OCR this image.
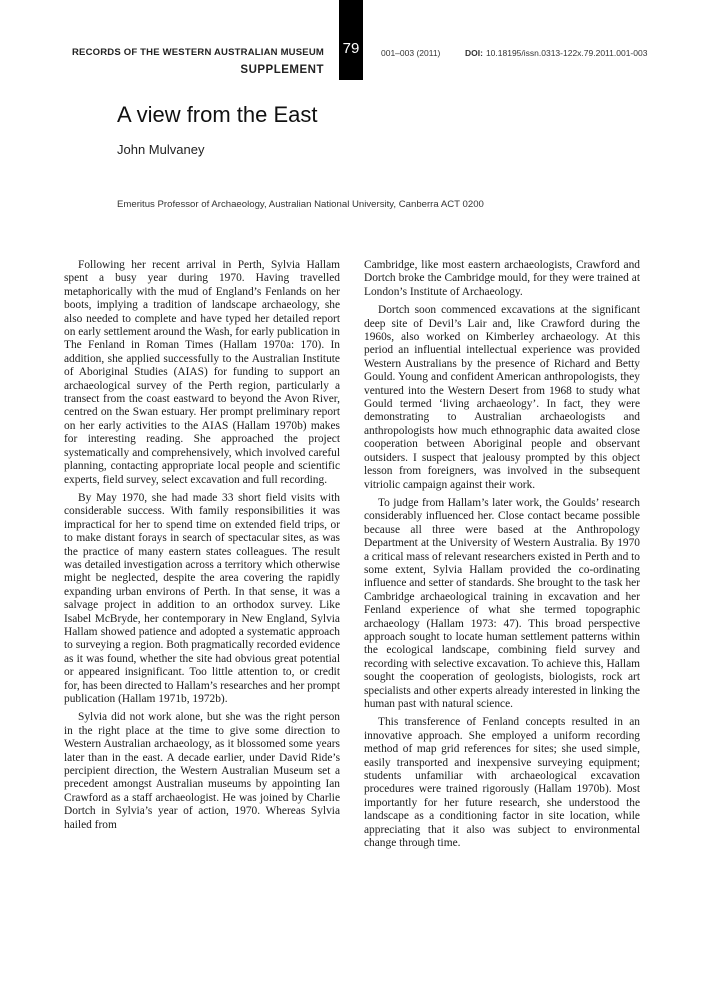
RECORDS OF THE WESTERN AUSTRALIAN MUSEUM
SUPPLEMENT
79	001–003 (2011)	DOI: 10.18195/issn.0313-122x.79.2011.001-003
A view from the East
John Mulvaney
Emeritus Professor of Archaeology, Australian National University, Canberra ACT 0200

Following her recent arrival in Perth, Sylvia Hallam spent a busy year during 1970. Having travelled metaphorically with the mud of England’s Fenlands on her boots, implying a tradition of landscape archaeology, she also needed to complete and have typed her detailed report on early settlement around the Wash, for early publication in The Fenland in Roman Times (Hallam 1970a: 170). In addition, she applied successfully to the Australian Institute of Aboriginal Studies (AIAS) for funding to support an archaeological survey of the Perth region, particularly a transect from the coast eastward to beyond the Avon River, centred on the Swan estuary. Her prompt preliminary report on her early activities to the AIAS (Hallam 1970b) makes for interesting reading. She approached the project systematically and comprehensively, which involved careful planning, contacting appropriate local people and scientific experts, field survey, select excavation and full recording.

By May 1970, she had made 33 short field visits with considerable success. With family responsibilities it was impractical for her to spend time on extended field trips, or to make distant forays in search of spectacular sites, as was the practice of many eastern states colleagues. The result was detailed investigation across a territory which otherwise might be neglected, despite the area covering the rapidly expanding urban environs of Perth. In that sense, it was a salvage project in addition to an orthodox survey. Like Isabel McBryde, her contemporary in New England, Sylvia Hallam showed patience and adopted a systematic approach to surveying a region. Both pragmatically recorded evidence as it was found, whether the site had obvious great potential or appeared insignificant. Too little attention to, or credit for, has been directed to Hallam’s researches and her prompt publication (Hallam 1971b, 1972b).

Sylvia did not work alone, but she was the right person in the right place at the time to give some direction to Western Australian archaeology, as it blossomed some years later than in the east. A decade earlier, under David Ride’s percipient direction, the Western Australian Museum set a precedent amongst Australian museums by appointing Ian Crawford as a staff archaeologist. He was joined by Charlie Dortch in Sylvia’s year of action, 1970. Whereas Sylvia hailed from

Cambridge, like most eastern archaeologists, Crawford and Dortch broke the Cambridge mould, for they were trained at London’s Institute of Archaeology.

Dortch soon commenced excavations at the significant deep site of Devil’s Lair and, like Crawford during the 1960s, also worked on Kimberley archaeology. At this period an influential intellectual experience was provided Western Australians by the presence of Richard and Betty Gould. Young and confident American anthropologists, they ventured into the Western Desert from 1968 to study what Gould termed ‘living archaeology’. In fact, they were demonstrating to Australian archaeologists and anthropologists how much ethnographic data awaited close cooperation between Aboriginal people and observant outsiders. I suspect that jealousy prompted by this object lesson from foreigners, was involved in the subsequent vitriolic campaign against their work.

To judge from Hallam’s later work, the Goulds’ research considerably influenced her. Close contact became possible because all three were based at the Anthropology Department at the University of Western Australia. By 1970 a critical mass of relevant researchers existed in Perth and to some extent, Sylvia Hallam provided the co-ordinating influence and setter of standards. She brought to the task her Cambridge archaeological training in excavation and her Fenland experience of what she termed topographic archaeology (Hallam 1973: 47). This broad perspective approach sought to locate human settlement patterns within the ecological landscape, combining field survey and recording with selective excavation. To achieve this, Hallam sought the cooperation of geologists, biologists, rock art specialists and other experts already interested in linking the human past with natural science.

This transference of Fenland concepts resulted in an innovative approach. She employed a uniform recording method of map grid references for sites; she used simple, easily transported and inexpensive surveying equipment; students unfamiliar with archaeological excavation procedures were trained rigorously (Hallam 1970b). Most importantly for her future research, she understood the landscape as a conditioning factor in site location, while appreciating that it also was subject to environmental change through time.
